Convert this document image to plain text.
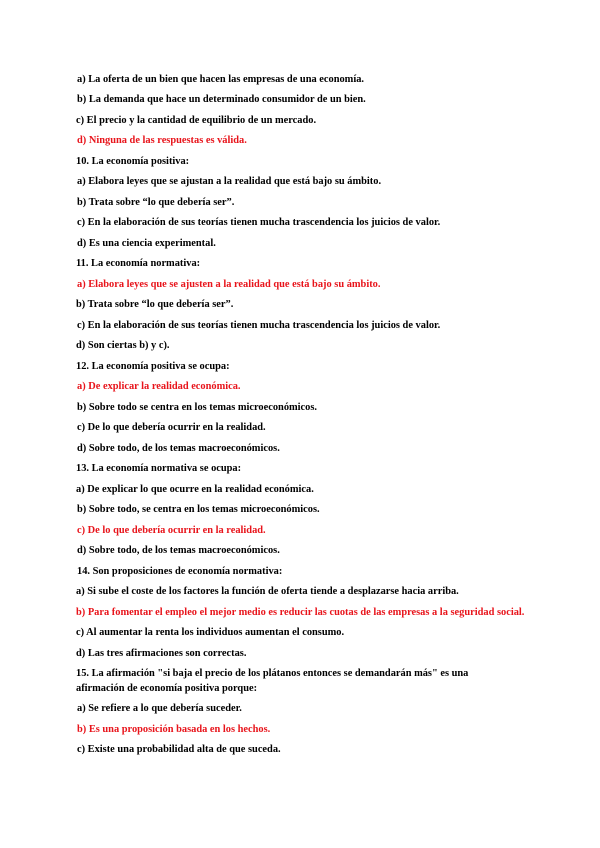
a) La oferta de un bien que hacen las empresas de una economía.
b) La demanda que hace un determinado consumidor de un bien.
c) El precio y la cantidad de equilibrio de un mercado.
d) Ninguna de las respuestas es válida.
10. La economía positiva:
a) Elabora leyes que se ajustan a la realidad que está bajo su ámbito.
b) Trata sobre “lo que debería ser”.
c) En la elaboración de sus teorías tienen mucha trascendencia los juicios de valor.
d) Es una ciencia experimental.
11. La economía normativa:
a) Elabora leyes que se ajusten a la realidad que está bajo su ámbito.
b) Trata sobre “lo que debería ser”.
c) En la elaboración de sus teorías tienen mucha trascendencia los juicios de valor.
d) Son ciertas b) y c).
12. La economía positiva se ocupa:
a) De explicar la realidad económica.
b) Sobre todo se centra en los temas microeconómicos.
c) De lo que debería ocurrir en la realidad.
d) Sobre todo, de los temas macroeconómicos.
13. La economía normativa se ocupa:
a) De explicar lo que ocurre en la realidad económica.
b) Sobre todo, se centra en los temas microeconómicos.
c) De lo que debería ocurrir en la realidad.
d) Sobre todo, de los temas macroeconómicos.
14. Son proposiciones de economía normativa:
a) Si sube el coste de los factores la función de oferta tiende a desplazarse hacia arriba.
b) Para fomentar el empleo el mejor medio es reducir las cuotas de las empresas a la seguridad social.
c) Al aumentar la renta los individuos aumentan el consumo.
d) Las tres afirmaciones son correctas.
15. La afirmación "si baja el precio de los plátanos entonces se demandarán más" es una
afirmación de economía positiva porque:
a) Se refiere a lo que debería suceder.
b) Es una proposición basada en los hechos.
c) Existe una probabilidad alta de que suceda.
